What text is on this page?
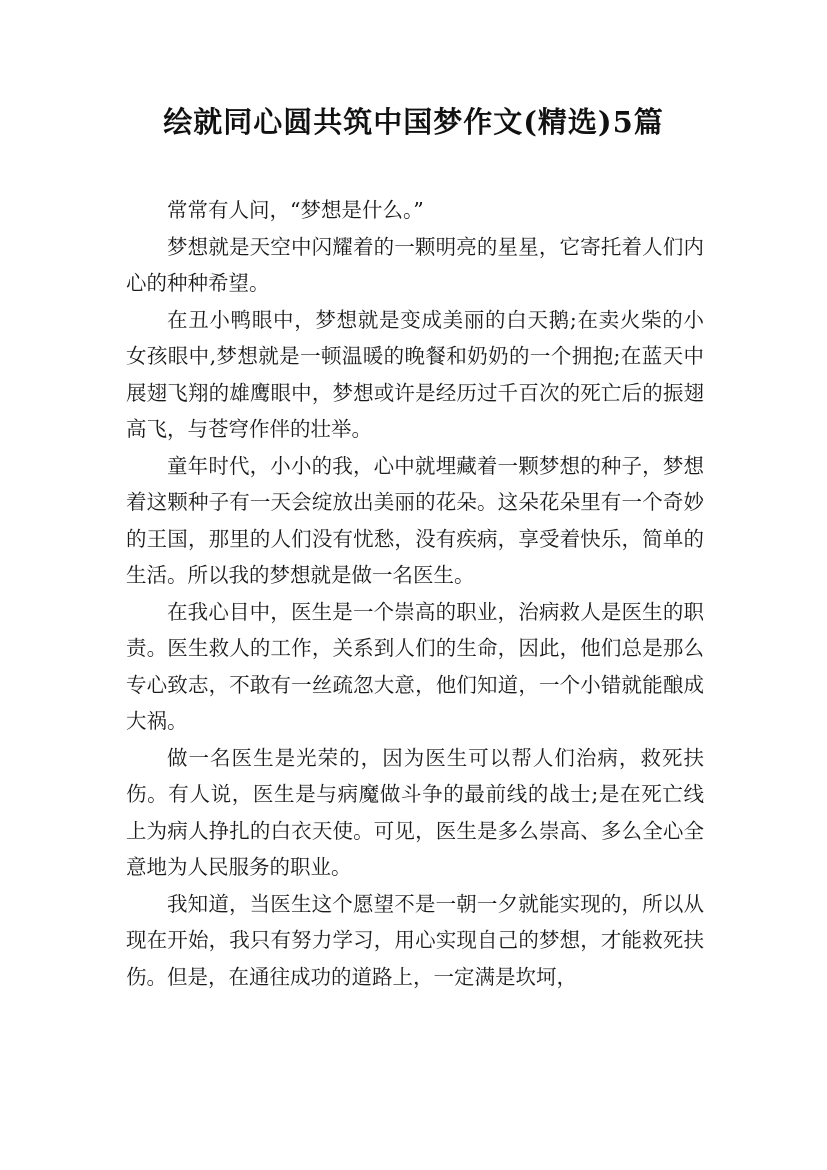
绘就同心圆共筑中国梦作文(精选)5篇

常常有人问，“梦想是什么。”

梦想就是天空中闪耀着的一颗明亮的星星，它寄托着人们内心的种种希望。

在丑小鸭眼中，梦想就是变成美丽的白天鹅;在卖火柴的小女孩眼中,梦想就是一顿温暖的晚餐和奶奶的一个拥抱;在蓝天中展翅飞翔的雄鹰眼中，梦想或许是经历过千百次的死亡后的振翅高飞，与苍穹作伴的壮举。

童年时代，小小的我，心中就埋藏着一颗梦想的种子，梦想着这颗种子有一天会绽放出美丽的花朵。这朵花朵里有一个奇妙的王国，那里的人们没有忧愁，没有疾病，享受着快乐，简单的生活。所以我的梦想就是做一名医生。

在我心目中，医生是一个崇高的职业，治病救人是医生的职责。医生救人的工作，关系到人们的生命，因此，他们总是那么专心致志，不敢有一丝疏忽大意，他们知道，一个小错就能酿成大祸。

做一名医生是光荣的，因为医生可以帮人们治病，救死扶伤。有人说，医生是与病魔做斗争的最前线的战士;是在死亡线上为病人挣扎的白衣天使。可见，医生是多么崇高、多么全心全意地为人民服务的职业。

我知道，当医生这个愿望不是一朝一夕就能实现的，所以从现在开始，我只有努力学习，用心实现自己的梦想，才能救死扶伤。但是，在通往成功的道路上，一定满是坎坷，
